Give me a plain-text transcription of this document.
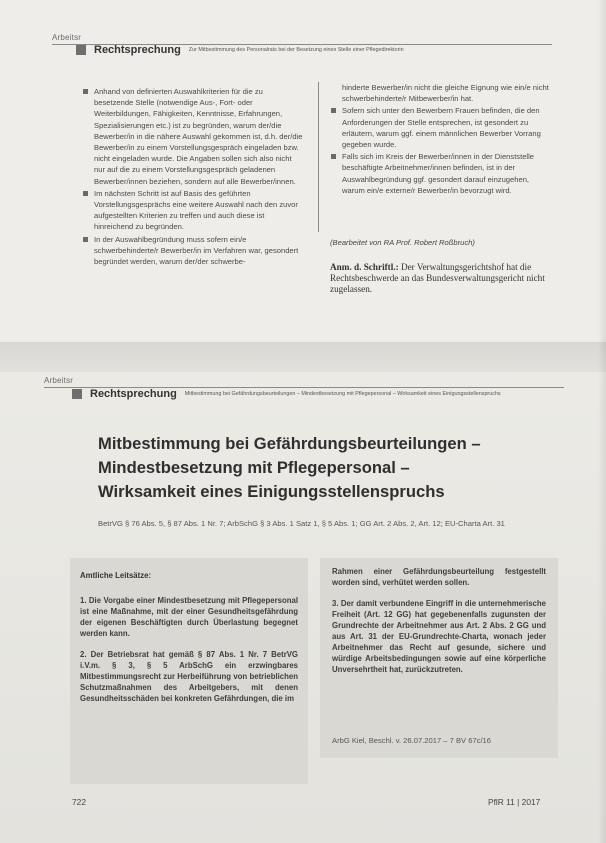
Arbeitsr
Rechtsprechung Zur Mitbestimmung des Personalrats bei der Besetzung eines Stelle einer Pflegedirektorin
Anhand von definierten Auswahlkriterien für die zu besetzende Stelle (notwendige Aus-, Fort- oder Weiterbildungen, Fähigkeiten, Kenntnisse, Erfahrungen, Spezialisierungen etc.) ist zu begründen, warum der/die Bewerber/in in die nähere Auswahl gekommen ist, d.h. der/die Bewerber/in zu einem Vorstellungsgespräch eingeladen bzw. nicht eingeladen wurde. Die Angaben sollen sich also nicht nur auf die zu einem Vorstellungsgespräch geladenen Bewerber/innen beziehen, sondern auf alle Bewerber/innen.
Im nächsten Schritt ist auf Basis des geführten Vorstellungsgesprächs eine weitere Auswahl nach den zuvor aufgestellten Kriterien zu treffen und auch diese ist hinreichend zu begründen.
In der Auswahlbegründung muss sofern ein/e schwerbehinderte/r Bewerber/in im Verfahren war, gesondert begründet werden, warum der/der schwerbe-
hinderte Bewerber/in nicht die gleiche Eignung wie ein/e nicht schwerbehinderte/r Mitbewerber/in hat.
Sofern sich unter den Bewerbern Frauen befinden, die den Anforderungen der Stelle entsprechen, ist gesondert zu erläutern, warum ggf. einem männlichen Bewerber Vorrang gegeben wurde.
Falls sich im Kreis der Bewerber/innen in der Dienststelle beschäftigte Arbeitnehmer/innen befinden, ist in der Auswahlbegründung ggf. gesondert darauf einzugehen, warum ein/e externe/r Bewerber/in bevorzugt wird.
(Bearbeitet von RA Prof. Robert Roßbruch)
Anm. d. Schriftl.: Der Verwaltungsgerichtshof hat die Rechtsbeschwerde an das Bundesverwaltungsgericht nicht zugelassen.
Arbeitsr
Rechtsprechung Mitbestimmung bei Gefährdungsbeurteilungen – Mindestbesetzung mit Pflegepersonal – Wirksamkeit eines Einigungsstellenspruchs
Mitbestimmung bei Gefährdungsbeurteilungen –
Mindestbesetzung mit Pflegepersonal –
Wirksamkeit eines Einigungsstellenspruchs
BetrVG § 76 Abs. 5, § 87 Abs. 1 Nr. 7; ArbSchG § 3 Abs. 1 Satz 1, § 5 Abs. 1; GG Art. 2 Abs. 2, Art. 12; EU-Charta Art. 31
Amtliche Leitsätze:

1. Die Vorgabe einer Mindestbesetzung mit Pflegepersonal ist eine Maßnahme, mit der einer Gesundheitsgefährdung der eigenen Beschäftigten durch Überlastung begegnet werden kann.

2. Der Betriebsrat hat gemäß § 87 Abs. 1 Nr. 7 BetrVG i.V.m. § 3, § 5 ArbSchG ein erzwingbares Mitbestimmungsrecht zur Herbeiführung von betrieblichen Schutzmaßnahmen des Arbeitgebers, mit denen Gesundheitsschäden bei konkreten Gefährdungen, die im

Rahmen einer Gefährdungsbeurteilung festgestellt worden sind, verhütet werden sollen.

3. Der damit verbundene Eingriff in die unternehmerische Freiheit (Art. 12 GG) hat gegebenenfalls zugunsten der Grundrechte der Arbeitnehmer aus Art. 2 Abs. 2 GG und aus Art. 31 der EU-Grundrechte-Charta, wonach jeder Arbeitnehmer das Recht auf gesunde, sichere und würdige Arbeitsbedingungen sowie auf eine körperliche Unversehrtheit hat, zurückzutreten.

ArbG Kiel, Beschl. v. 26.07.2017 – 7 BV 67c/16
722	PflR 11 | 2017
